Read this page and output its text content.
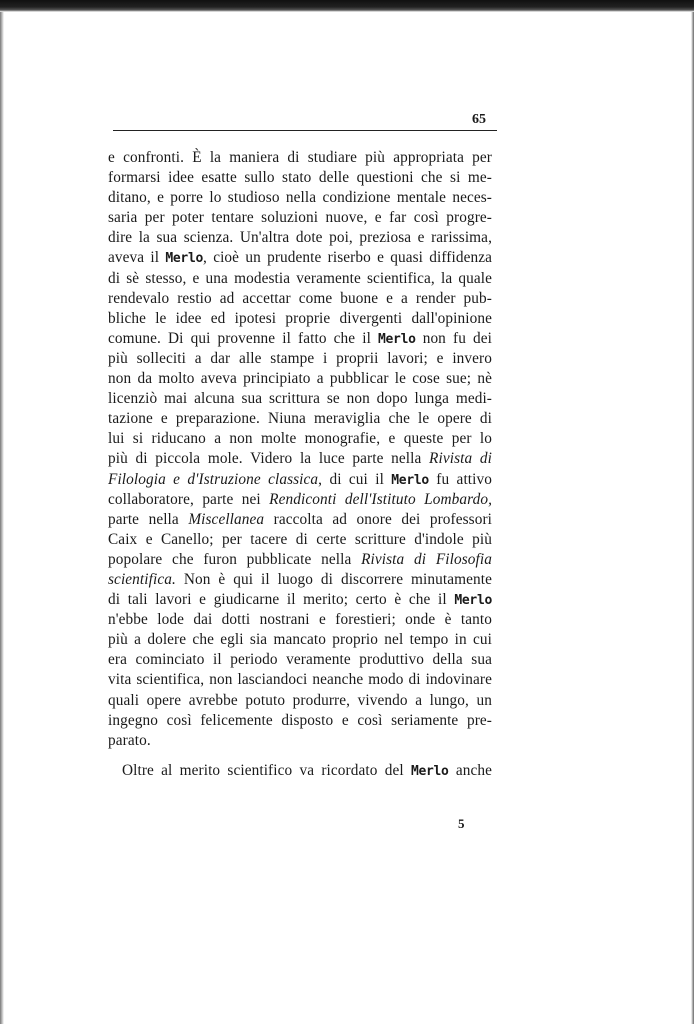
65
e confronti. È la maniera di studiare più appropriata per
formarsi idee esatte sullo stato delle questioni che si me-
ditano, e porre lo studioso nella condizione mentale neces-
saria per poter tentare soluzioni nuove, e far così progre-
dire la sua scienza. Un'altra dote poi, preziosa e rarissima,
aveva il Merlo, cioè un prudente riserbo e quasi diffidenza
di sè stesso, e una modestia veramente scientifica, la quale
rendevalo restio ad accettar come buone e a render pub-
bliche le idee ed ipotesi proprie divergenti dall'opinione
comune. Di qui provenne il fatto che il Merlo non fu dei
più solleciti a dar alle stampe i proprii lavori; e invero
non da molto aveva principiato a pubblicar le cose sue; nè
licenziò mai alcuna sua scrittura se non dopo lunga medi-
tazione e preparazione. Niuna meraviglia che le opere di
lui si riducano a non molte monografie, e queste per lo
più di piccola mole. Videro la luce parte nella Rivista di
Filologia e d'Istruzione classica, di cui il Merlo fu attivo
collaboratore, parte nei Rendiconti dell'Istituto Lombardo,
parte nella Miscellanea raccolta ad onore dei professori
Caix e Canello; per tacere di certe scritture d'indole più
popolare che furon pubblicate nella Rivista di Filosofia
scientifica. Non è qui il luogo di discorrere minutamente
di tali lavori e giudicarne il merito; certo è che il Merlo
n'ebbe lode dai dotti nostrani e forestieri; onde è tanto
più a dolere che egli sia mancato proprio nel tempo in cui
era cominciato il periodo veramente produttivo della sua
vita scientifica, non lasciandoci neanche modo di indovinare
quali opere avrebbe potuto produrre, vivendo a lungo, un
ingegno così felicemente disposto e così seriamente pre-
parato.
Oltre al merito scientifico va ricordato del Merlo anche
5
